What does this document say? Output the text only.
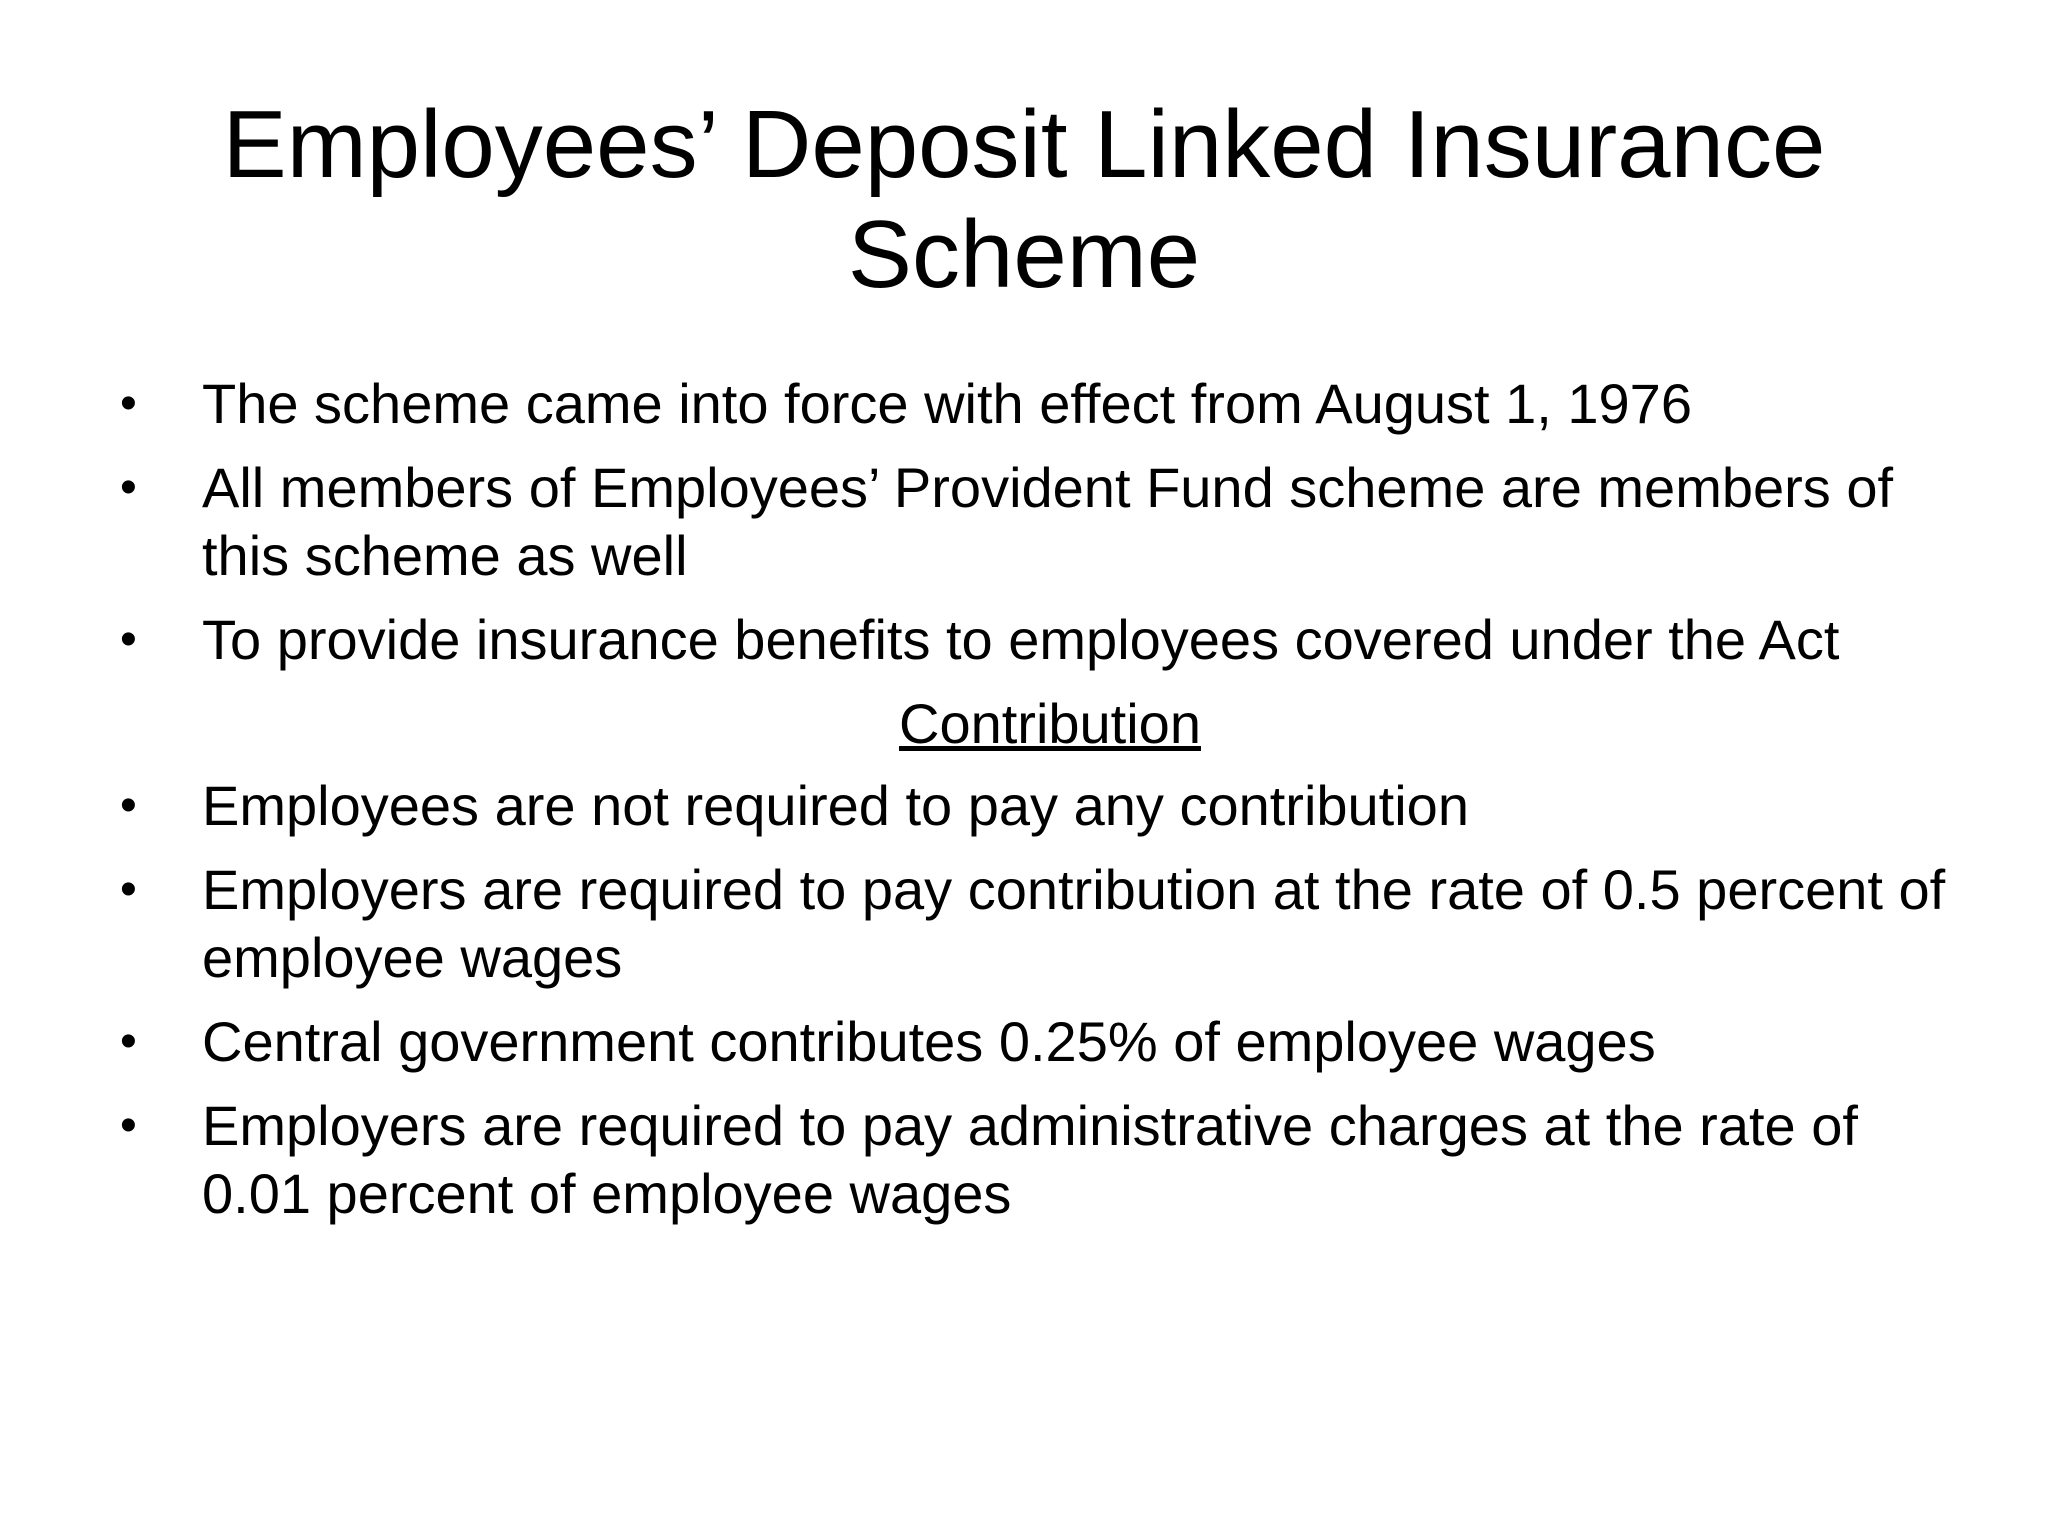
Employees’ Deposit Linked Insurance
Scheme
•	The scheme came into force with effect from August 1, 1976
•	All members of Employees’ Provident Fund scheme are members of this scheme as well
•	To provide insurance benefits to employees covered under the Act
Contribution
•	Employees are not required to pay any contribution
•	Employers are required to pay contribution at the rate of 0.5 percent of employee wages
•	Central government contributes 0.25% of employee wages
•	Employers are required to pay administrative charges at the rate of 0.01 percent of employee wages
